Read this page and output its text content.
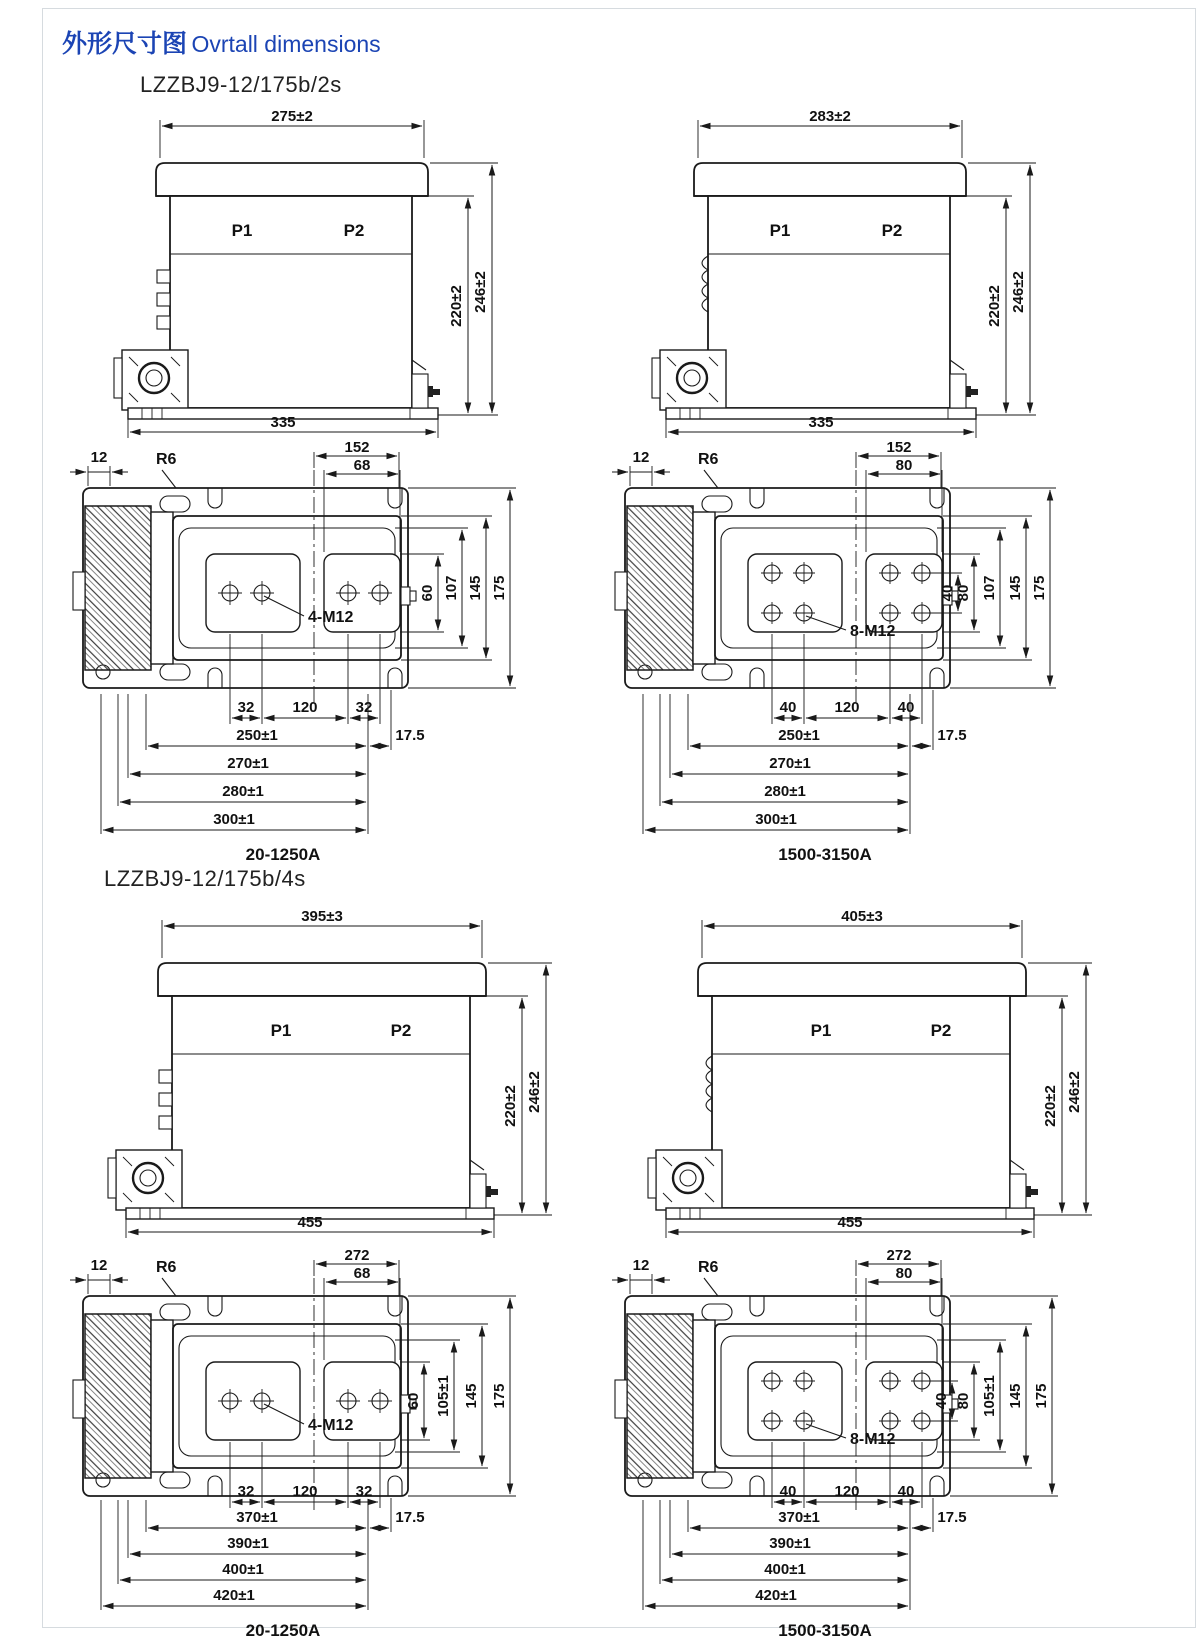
外形尺寸图 Ovrtall dimensions
LZZBJ9-12/175b/2s
LZZBJ9-12/175b/4s
275±2
P1	P2
220±2 246±2
335
283±2
P1	P2
220±2 246±2
335
12	R6
4-M12
152
68
60 107 145 175
32	120	32
250±1	17.5
270±1
280±1
300±1
20-1250A
12	R6
8-M12
152
80
40 80 107 145 175
40	120	40
250±1	17.5
270±1
280±1
300±1
1500-3150A
395±3
P1	P2
220±2 246±2
455
405±3
P1	P2
220±2 246±2
455
12	R6
4-M12
272
68
60 105±1 145 175
32	120	32
370±1	17.5
390±1
400±1
420±1
20-1250A
12	R6
8-M12
272
80
40 80 105±1 145 175
40	120	40
370±1	17.5
390±1
400±1
420±1
1500-3150A
